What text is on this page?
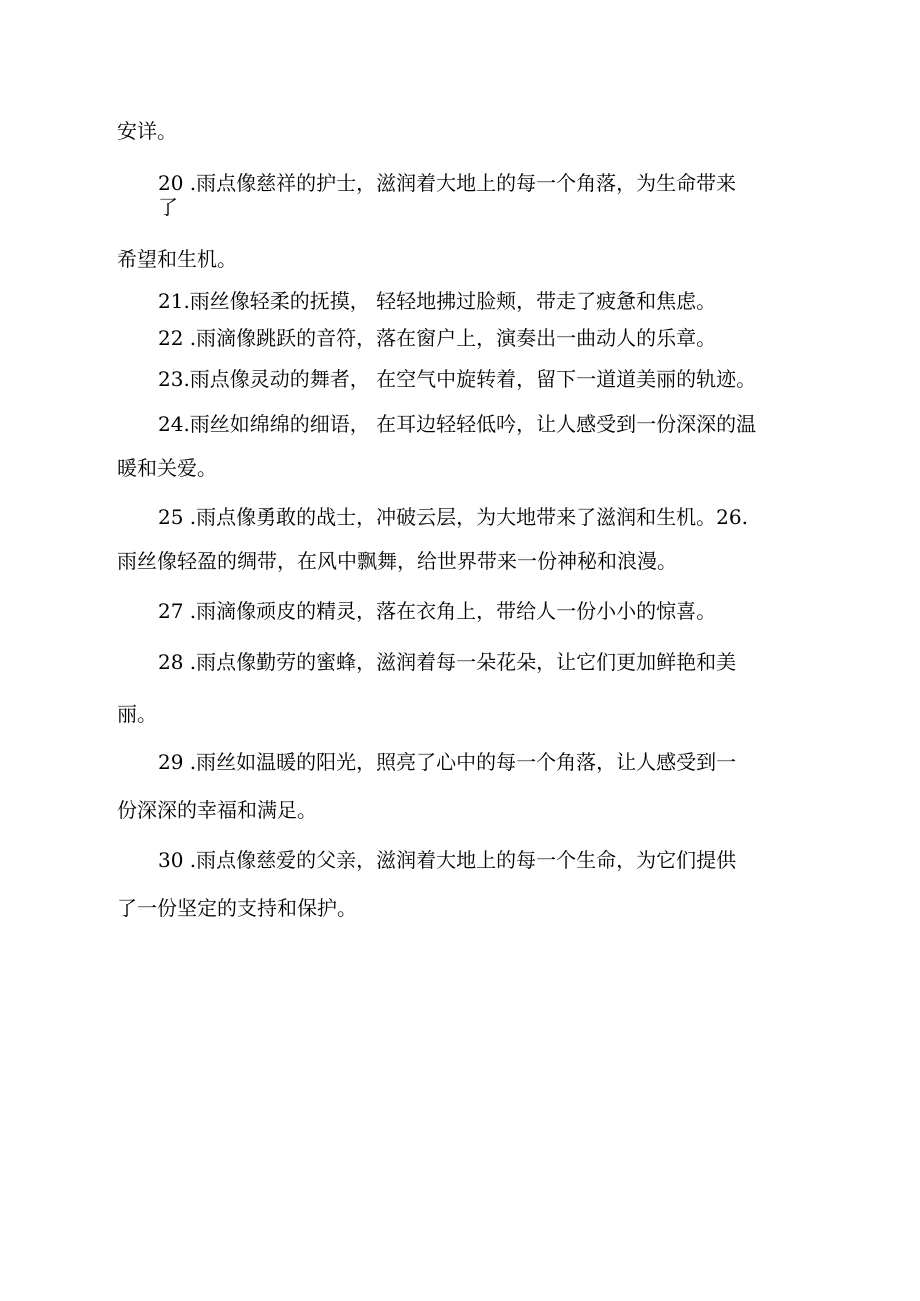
安详。
20 .雨点像慈祥的护士，滋润着大地上的每一个角落，为生命带来
了
希望和生机。
21.雨丝像轻柔的抚摸， 轻轻地拂过脸颊，带走了疲惫和焦虑。
22 .雨滴像跳跃的音符，落在窗户上，演奏出一曲动人的乐章。
23.雨点像灵动的舞者， 在空气中旋转着，留下一道道美丽的轨迹。
24.雨丝如绵绵的细语， 在耳边轻轻低吟，让人感受到一份深深的温
暖和关爱。
25 .雨点像勇敢的战士，冲破云层，为大地带来了滋润和生机。26.
雨丝像轻盈的绸带，在风中飘舞，给世界带来一份神秘和浪漫。
27 .雨滴像顽皮的精灵，落在衣角上，带给人一份小小的惊喜。
28 .雨点像勤劳的蜜蜂，滋润着每一朵花朵，让它们更加鲜艳和美
丽。
29 .雨丝如温暖的阳光，照亮了心中的每一个角落，让人感受到一
份深深的幸福和满足。
30 .雨点像慈爱的父亲，滋润着大地上的每一个生命，为它们提供
了一份坚定的支持和保护。
